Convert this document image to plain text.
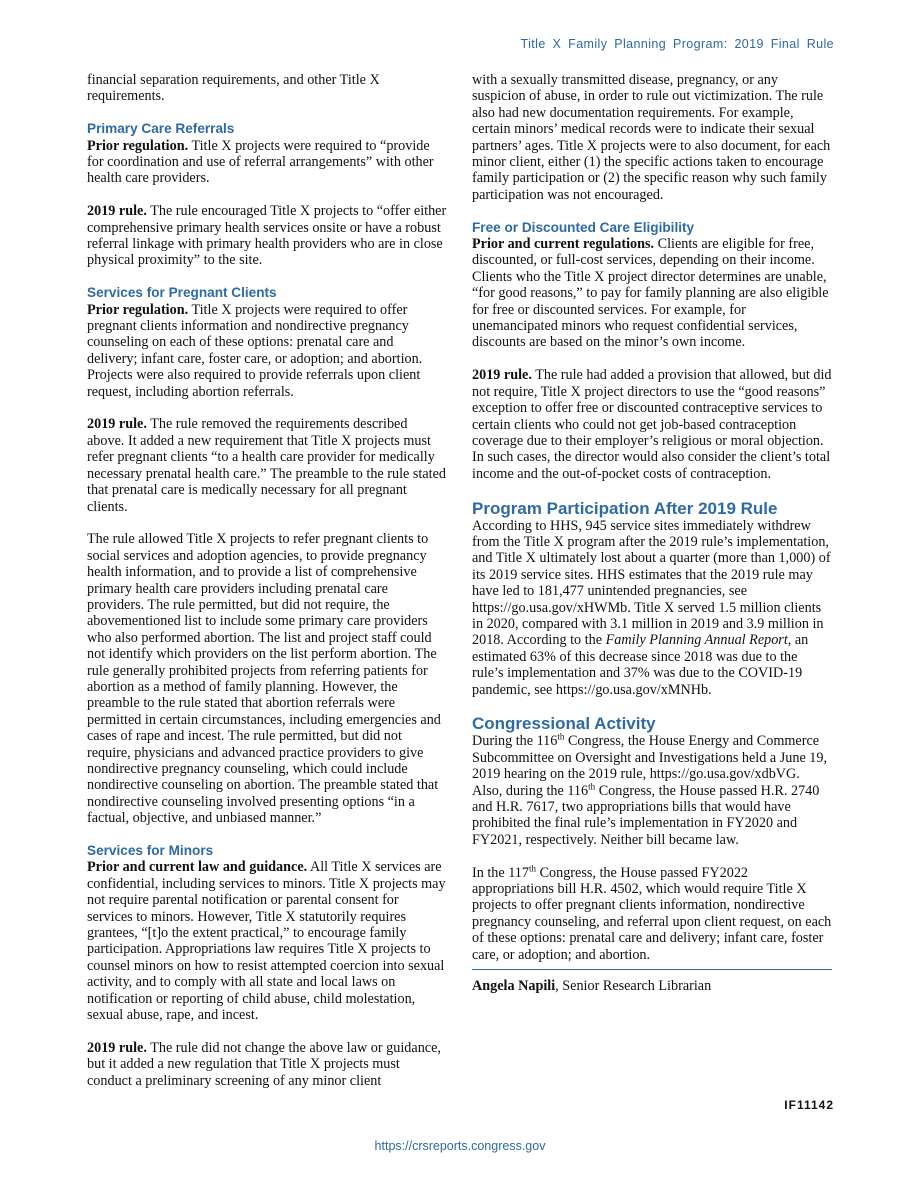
Title X Family Planning Program: 2019 Final Rule

financial separation requirements, and other Title X requirements.

Primary Care Referrals

Prior regulation. Title X projects were required to “provide for coordination and use of referral arrangements” with other health care providers.

2019 rule. The rule encouraged Title X projects to “offer either comprehensive primary health services onsite or have a robust referral linkage with primary health providers who are in close physical proximity” to the site.

Services for Pregnant Clients

Prior regulation. Title X projects were required to offer pregnant clients information and nondirective pregnancy counseling on each of these options: prenatal care and delivery; infant care, foster care, or adoption; and abortion. Projects were also required to provide referrals upon client request, including abortion referrals.

2019 rule. The rule removed the requirements described above. It added a new requirement that Title X projects must refer pregnant clients “to a health care provider for medically necessary prenatal health care.” The preamble to the rule stated that prenatal care is medically necessary for all pregnant clients.

The rule allowed Title X projects to refer pregnant clients to social services and adoption agencies, to provide pregnancy health information, and to provide a list of comprehensive primary health care providers including prenatal care providers. The rule permitted, but did not require, the abovementioned list to include some primary care providers who also performed abortion. The list and project staff could not identify which providers on the list perform abortion. The rule generally prohibited projects from referring patients for abortion as a method of family planning. However, the preamble to the rule stated that abortion referrals were permitted in certain circumstances, including emergencies and cases of rape and incest. The rule permitted, but did not require, physicians and advanced practice providers to give nondirective pregnancy counseling, which could include nondirective counseling on abortion. The preamble stated that nondirective counseling involved presenting options “in a factual, objective, and unbiased manner.”

Services for Minors

Prior and current law and guidance. All Title X services are confidential, including services to minors. Title X projects may not require parental notification or parental consent for services to minors. However, Title X statutorily requires grantees, “[t]o the extent practical,” to encourage family participation. Appropriations law requires Title X projects to counsel minors on how to resist attempted coercion into sexual activity, and to comply with all state and local laws on notification or reporting of child abuse, child molestation, sexual abuse, rape, and incest.

2019 rule. The rule did not change the above law or guidance, but it added a new regulation that Title X projects must conduct a preliminary screening of any minor client

with a sexually transmitted disease, pregnancy, or any suspicion of abuse, in order to rule out victimization. The rule also had new documentation requirements. For example, certain minors’ medical records were to indicate their sexual partners’ ages. Title X projects were to also document, for each minor client, either (1) the specific actions taken to encourage family participation or (2) the specific reason why such family participation was not encouraged.

Free or Discounted Care Eligibility

Prior and current regulations. Clients are eligible for free, discounted, or full-cost services, depending on their income. Clients who the Title X project director determines are unable, “for good reasons,” to pay for family planning are also eligible for free or discounted services. For example, for unemancipated minors who request confidential services, discounts are based on the minor’s own income.

2019 rule. The rule had added a provision that allowed, but did not require, Title X project directors to use the “good reasons” exception to offer free or discounted contraceptive services to certain clients who could not get job-based contraception coverage due to their employer’s religious or moral objection. In such cases, the director would also consider the client’s total income and the out-of-pocket costs of contraception.

Program Participation After 2019 Rule

According to HHS, 945 service sites immediately withdrew from the Title X program after the 2019 rule’s implementation, and Title X ultimately lost about a quarter (more than 1,000) of its 2019 service sites. HHS estimates that the 2019 rule may have led to 181,477 unintended pregnancies, see https://go.usa.gov/xHWMb. Title X served 1.5 million clients in 2020, compared with 3.1 million in 2019 and 3.9 million in 2018. According to the Family Planning Annual Report, an estimated 63% of this decrease since 2018 was due to the rule’s implementation and 37% was due to the COVID-19 pandemic, see https://go.usa.gov/xMNHb.

Congressional Activity

During the 116th Congress, the House Energy and Commerce Subcommittee on Oversight and Investigations held a June 19, 2019 hearing on the 2019 rule, https://go.usa.gov/xdbVG. Also, during the 116th Congress, the House passed H.R. 2740 and H.R. 7617, two appropriations bills that would have prohibited the final rule’s implementation in FY2020 and FY2021, respectively. Neither bill became law.

In the 117th Congress, the House passed FY2022 appropriations bill H.R. 4502, which would require Title X projects to offer pregnant clients information, nondirective pregnancy counseling, and referral upon client request, on each of these options: prenatal care and delivery; infant care, foster care, or adoption; and abortion.

Angela Napili, Senior Research Librarian

IF11142
https://crsreports.congress.gov
